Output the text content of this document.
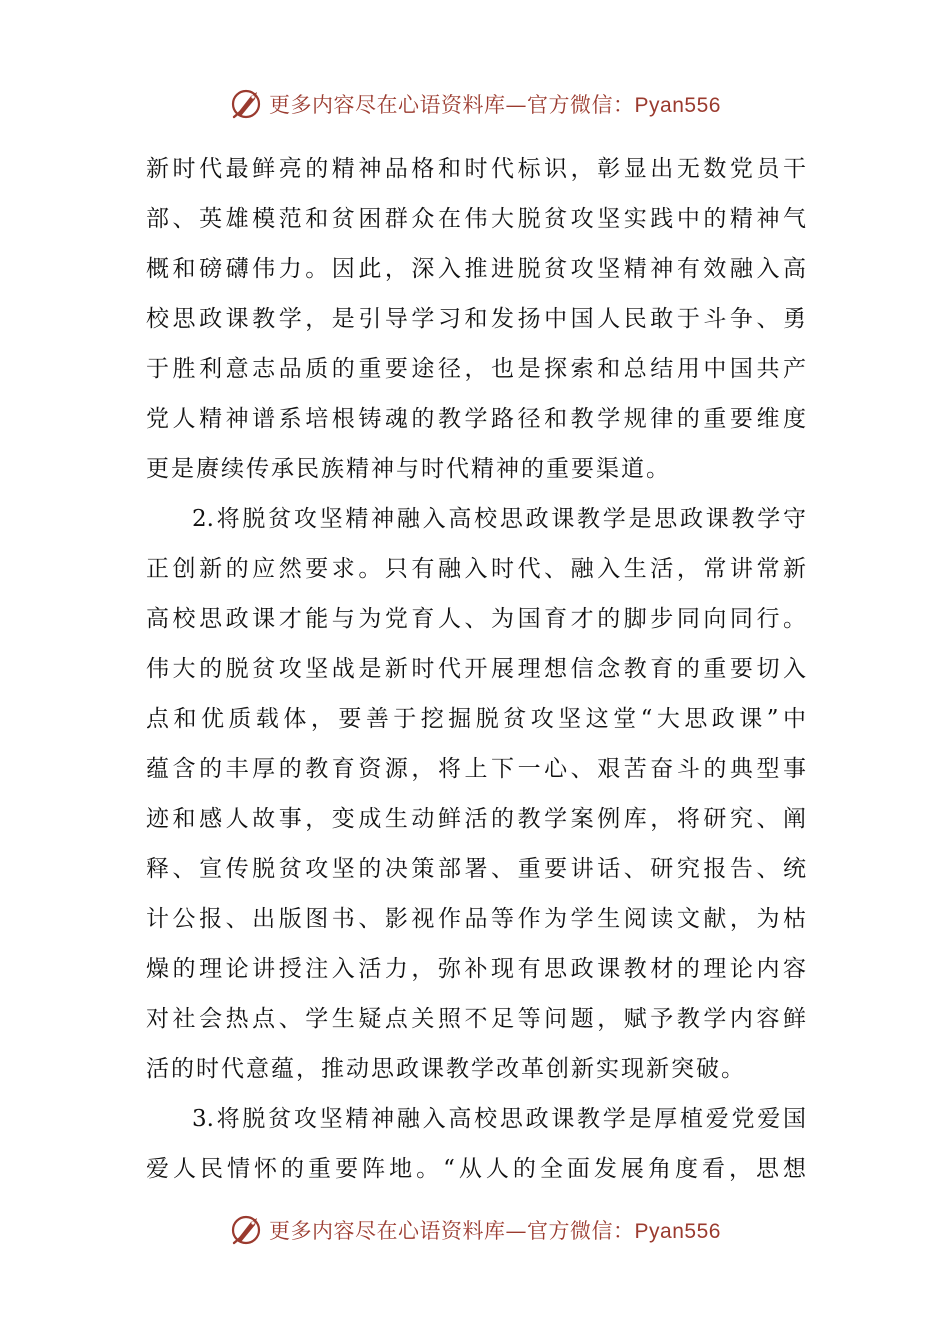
更多内容尽在心语资料库—官方微信：Pyan556
新时代最鲜亮的精神品格和时代标识，彰显出无数党员干
部、英雄模范和贫困群众在伟大脱贫攻坚实践中的精神气
概和磅礴伟力。因此，深入推进脱贫攻坚精神有效融入高
校思政课教学，是引导学习和发扬中国人民敢于斗争、勇
于胜利意志品质的重要途径，也是探索和总结用中国共产
党人精神谱系培根铸魂的教学路径和教学规律的重要维度
更是赓续传承民族精神与时代精神的重要渠道。
2.将脱贫攻坚精神融入高校思政课教学是思政课教学守
正创新的应然要求。只有融入时代、融入生活，常讲常新
高校思政课才能与为党育人、为国育才的脚步同向同行。
伟大的脱贫攻坚战是新时代开展理想信念教育的重要切入
点和优质载体，要善于挖掘脱贫攻坚这堂“大思政课”中
蕴含的丰厚的教育资源，将上下一心、艰苦奋斗的典型事
迹和感人故事，变成生动鲜活的教学案例库，将研究、阐
释、宣传脱贫攻坚的决策部署、重要讲话、研究报告、统
计公报、出版图书、影视作品等作为学生阅读文献，为枯
燥的理论讲授注入活力，弥补现有思政课教材的理论内容
对社会热点、学生疑点关照不足等问题，赋予教学内容鲜
活的时代意蕴，推动思政课教学改革创新实现新突破。
3.将脱贫攻坚精神融入高校思政课教学是厚植爱党爱国
爱人民情怀的重要阵地。“从人的全面发展角度看，思想
更多内容尽在心语资料库—官方微信：Pyan556
